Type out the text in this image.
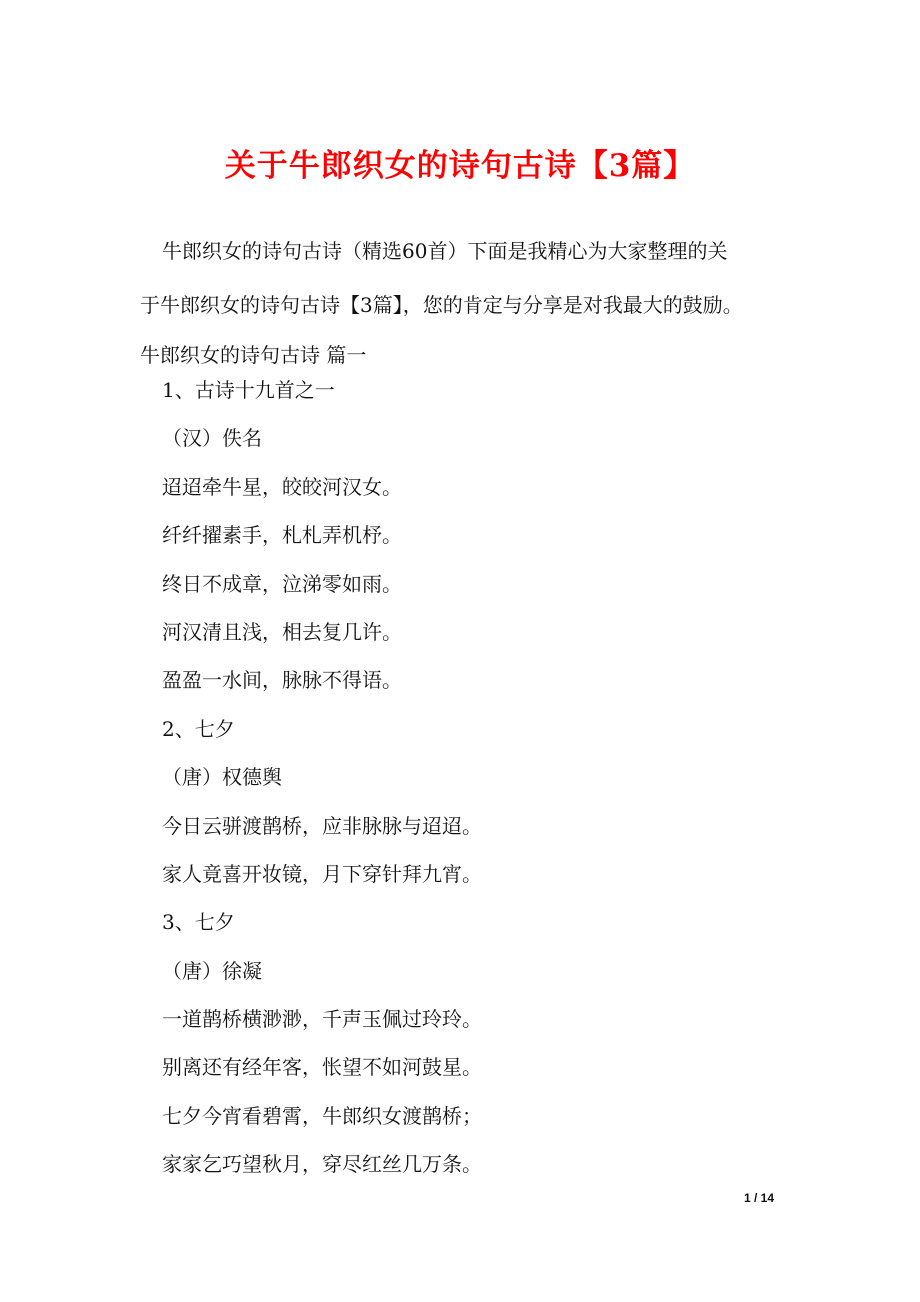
关于牛郎织女的诗句古诗【3篇】
牛郎织女的诗句古诗（精选60首）下面是我精心为大家整理的关
于牛郎织女的诗句古诗【3篇】，您的肯定与分享是对我最大的鼓励。
牛郎织女的诗句古诗 篇一
1、古诗十九首之一
（汉）佚名
迢迢牵牛星，皎皎河汉女。
纤纤擢素手，札札弄机杼。
终日不成章，泣涕零如雨。
河汉清且浅，相去复几许。
盈盈一水间，脉脉不得语。
2、七夕
（唐）权德舆
今日云骈渡鹊桥，应非脉脉与迢迢。
家人竟喜开妆镜，月下穿针拜九宵。
3、七夕
（唐）徐凝
一道鹊桥横渺渺，千声玉佩过玲玲。
别离还有经年客，怅望不如河鼓星。
七夕今宵看碧霄，牛郎织女渡鹊桥；
家家乞巧望秋月，穿尽红丝几万条。
1 / 14
